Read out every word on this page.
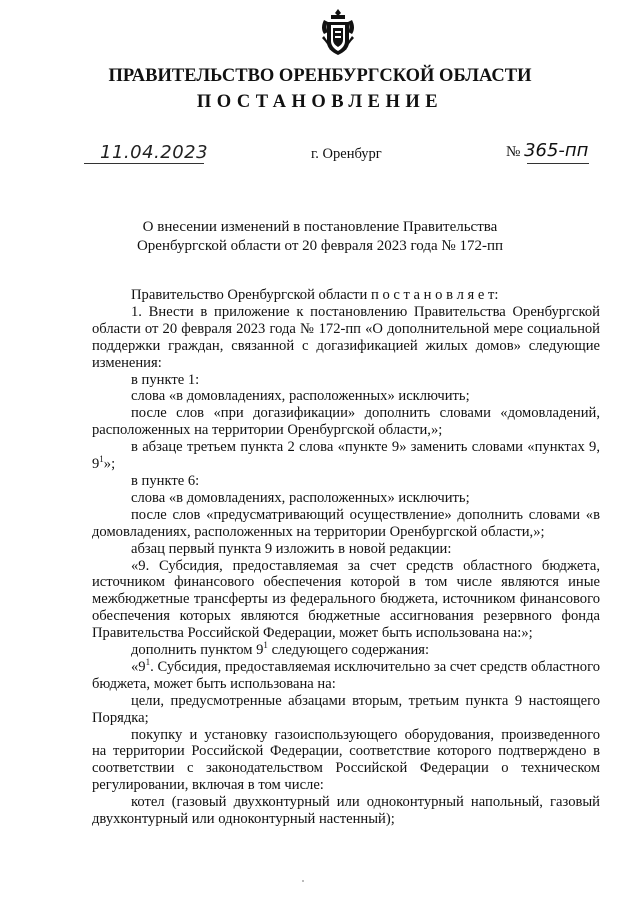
ПРАВИТЕЛЬСТВО ОРЕНБУРГСКОЙ ОБЛАСТИ
ПОСТАНОВЛЕНИЕ
11.04.2023	г. Оренбург	№ 365-пп
О внесении изменений в постановление Правительства
Оренбургской области от 20 февраля 2023 года № 172-пп

Правительство Оренбургской области п о с т а н о в л я е т:

1. Внести в приложение к постановлению Правительства Оренбургской области от 20 февраля 2023 года № 172-пп «О дополнительной мере социальной поддержки граждан, связанной с догазификацией жилых домов» следующие изменения:

в пункте 1:

слова «в домовладениях, расположенных» исключить;

после слов «при догазификации» дополнить словами «домовладений, расположенных на территории Оренбургской области,»;

в абзаце третьем пункта 2 слова «пункте 9» заменить словами «пунктах 9, $9^1$»;

в пункте 6:

слова «в домовладениях, расположенных» исключить;

после слов «предусматривающий осуществление» дополнить словами «в домовладениях, расположенных на территории Оренбургской области,»;

абзац первый пункта 9 изложить в новой редакции:

«9. Субсидия, предоставляемая за счет средств областного бюджета, источником финансового обеспечения которой в том числе являются иные межбюджетные трансферты из федерального бюджета, источником финансового обеспечения которых являются бюджетные ассигнования резервного фонда Правительства Российской Федерации, может быть использована на:»;

дополнить пунктом $9^1$ следующего содержания:

«$9^1$. Субсидия, предоставляемая исключительно за счет средств областного бюджета, может быть использована на:

цели, предусмотренные абзацами вторым, третьим пункта 9 настоящего Порядка;

покупку и установку газоиспользующего оборудования, произведенного на территории Российской Федерации, соответствие которого подтверждено в соответствии с законодательством Российской Федерации о техническом регулировании, включая в том числе:

котел (газовый двухконтурный или одноконтурный напольный, газовый двухконтурный или одноконтурный настенный);
